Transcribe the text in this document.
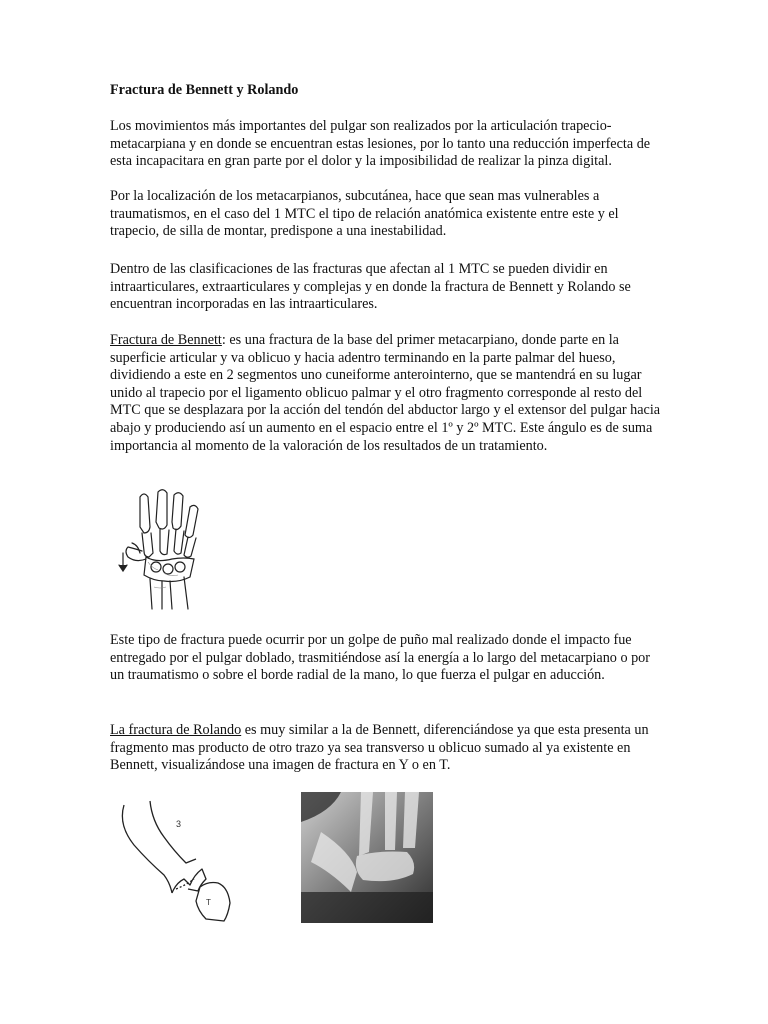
Fractura de Bennett y Rolando

Los movimientos más importantes del pulgar son realizados por la articulación trapecio-metacarpiana y en donde se encuentran estas lesiones, por lo tanto una reducción imperfecta de esta incapacitara en gran parte por el dolor y la imposibilidad de realizar la pinza digital.

Por la localización de los metacarpianos, subcutánea, hace que sean mas vulnerables a traumatismos, en el caso del 1 MTC el tipo de relación anatómica existente entre este y el trapecio, de silla de montar, predispone a una inestabilidad.

Dentro de las clasificaciones de las fracturas que afectan al 1 MTC se pueden dividir en intraarticulares, extraarticulares y complejas y en donde la fractura de Bennett y Rolando se encuentran incorporadas en las intraarticulares.

Fractura de Bennett: es una fractura de la base del primer metacarpiano, donde parte en la superficie articular y va oblicuo y hacia adentro terminando en la parte palmar del hueso, dividiendo a este en 2 segmentos uno cuneiforme anterointerno, que se mantendrá en su lugar unido al trapecio por el ligamento oblicuo palmar y el otro fragmento corresponde al resto del MTC que se desplazara por la acción del tendón del abductor largo y el extensor del pulgar hacia abajo y produciendo así un aumento en el espacio entre el 1º y 2º MTC. Este ángulo es de suma importancia al momento de la valoración de los resultados de un tratamiento.

Este tipo de fractura puede ocurrir por un golpe de puño mal realizado donde el impacto fue entregado por el pulgar doblado, trasmitiéndose así la energía a lo largo del metacarpiano o por un traumatismo o sobre el borde radial de la mano, lo que fuerza el pulgar en aducción.

La fractura de Rolando es muy similar a la de Bennett, diferenciándose ya que esta presenta un fragmento mas producto de otro trazo ya sea transverso u oblicuo sumado al ya existente en Bennett, visualizándose una imagen de fractura en Y o en T.

3
T
